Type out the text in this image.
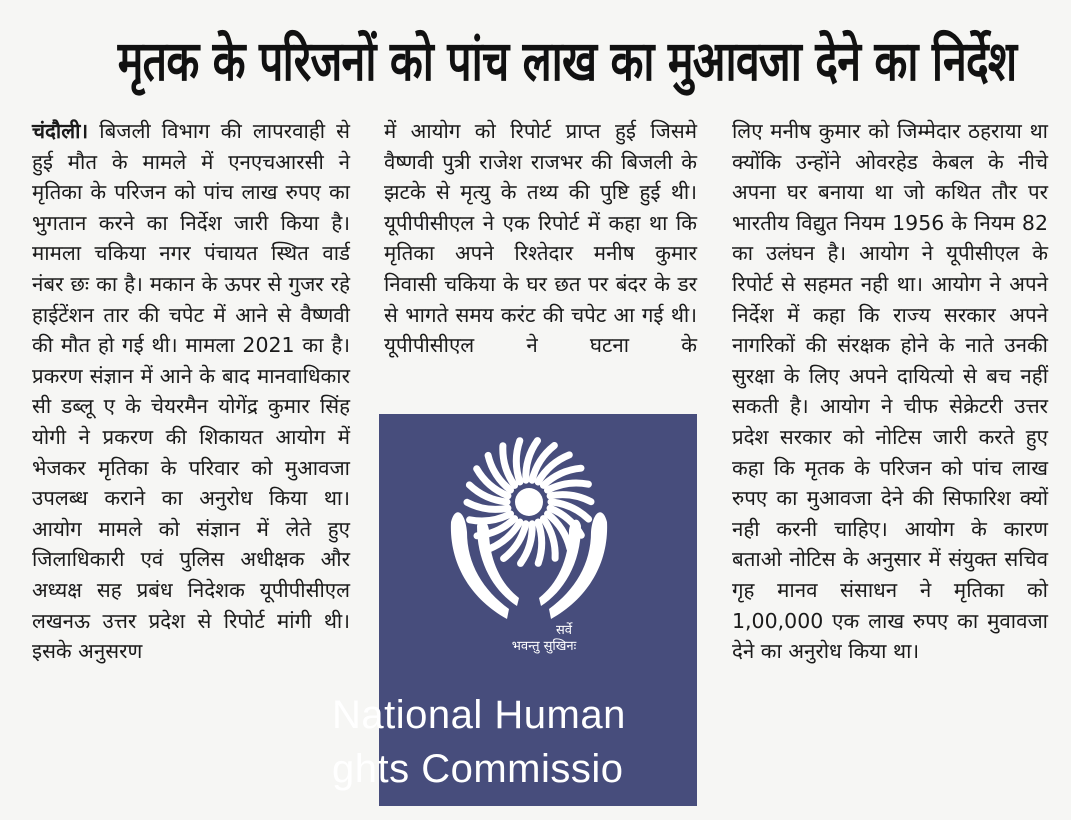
मृतक के परिजनों को पांच लाख का मुआवजा देने का निर्देश

चंदौली। बिजली विभाग की लापरवाही से हुई मौत के मामले में एनएचआरसी ने मृतिका के परिजन को पांच लाख रुपए का भुगतान करने का निर्देश जारी किया है। मामला चकिया नगर पंचायत स्थित वार्ड नंबर छः का है। मकान के ऊपर से गुजर रहे हाईटेंशन तार की चपेट में आने से वैष्णवी की मौत हो गई थी। मामला 2021 का है। प्रकरण संज्ञान में आने के बाद मानवाधिकार सी डब्लू ए के चेयरमैन योगेंद्र कुमार सिंह योगी ने प्रकरण की शिकायत आयोग में भेजकर मृतिका के परिवार को मुआवजा उपलब्ध कराने का अनुरोध किया था। आयोग मामले को संज्ञान में लेते हुए जिलाधिकारी एवं पुलिस अधीक्षक और अध्यक्ष सह प्रबंध निदेशक यूपीपीसीएल लखनऊ उत्तर प्रदेश से रिपोर्ट मांगी थी। इसके अनुसरण

में आयोग को रिपोर्ट प्राप्त हुई जिसमे वैष्णवी पुत्री राजेश राजभर की बिजली के झटके से मृत्यु के तथ्य की पुष्टि हुई थी। यूपीपीसीएल ने एक रिपोर्ट में कहा था कि मृतिका अपने रिश्तेदार मनीष कुमार निवासी चकिया के घर छत पर बंदर के डर से भागते समय करंट की चपेट आ गई थी। यूपीपीसीएल ने घटना के

सर्वे
भवन्तु सुखिनः
National Human
ghts Commissio

लिए मनीष कुमार को जिम्मेदार ठहराया था क्योंकि उन्होंने ओवरहेड केबल के नीचे अपना घर बनाया था जो कथित तौर पर भारतीय विद्युत नियम 1956 के नियम 82 का उलंघन है। आयोग ने यूपीसीएल के रिपोर्ट से सहमत नही था। आयोग ने अपने निर्देश में कहा कि राज्य सरकार अपने नागरिकों की संरक्षक होने के नाते उनकी सुरक्षा के लिए अपने दायित्यो से बच नहीं सकती है। आयोग ने चीफ सेक्रेटरी उत्तर प्रदेश सरकार को नोटिस जारी करते हुए कहा कि मृतक के परिजन को पांच लाख रुपए का मुआवजा देने की सिफारिश क्यों नही करनी चाहिए। आयोग के कारण बताओ नोटिस के अनुसार में संयुक्त सचिव गृह मानव संसाधन ने मृतिका को 1,00,000 एक लाख रुपए का मुवावजा देने का अनुरोध किया था।
